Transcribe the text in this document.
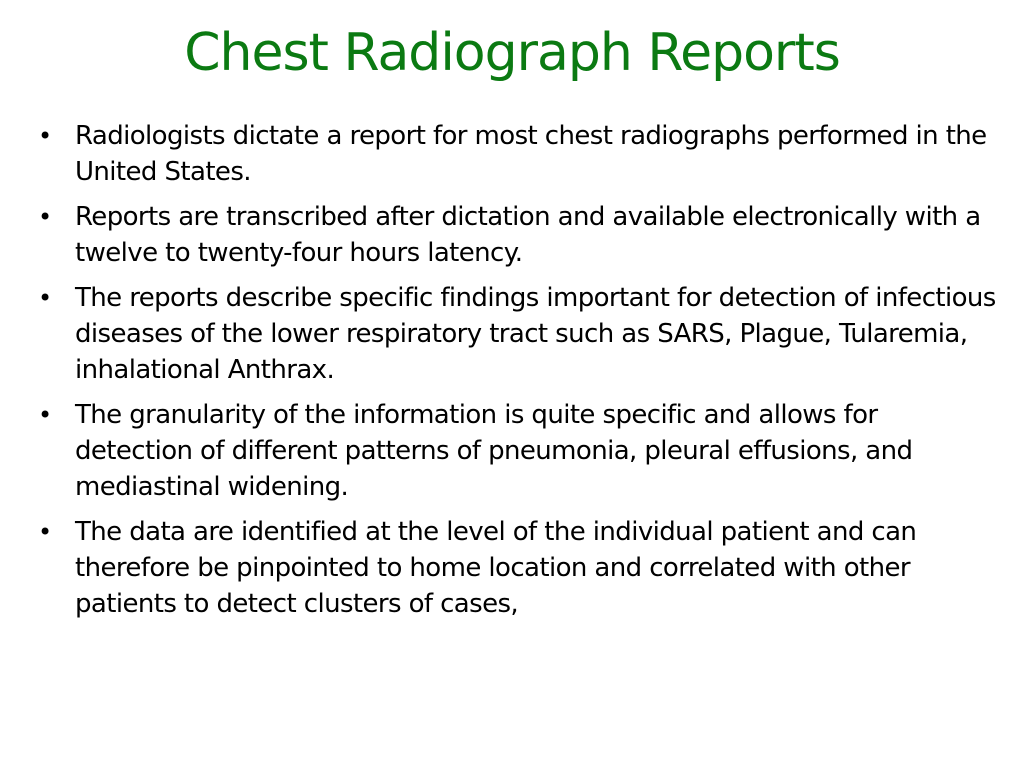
Chest Radiograph Reports
• Radiologists dictate a report for most chest radiographs performed in the United States.
• Reports are transcribed after dictation and available electronically with a twelve to twenty-four hours latency.
• The reports describe specific findings important for detection of infectious diseases of the lower respiratory tract such as SARS, Plague, Tularemia, inhalational Anthrax.
• The granularity of the information is quite specific and allows for detection of different patterns of pneumonia, pleural effusions, and mediastinal widening.
• The data are identified at the level of the individual patient and can therefore be pinpointed to home location and correlated with other patients to detect clusters of cases,
